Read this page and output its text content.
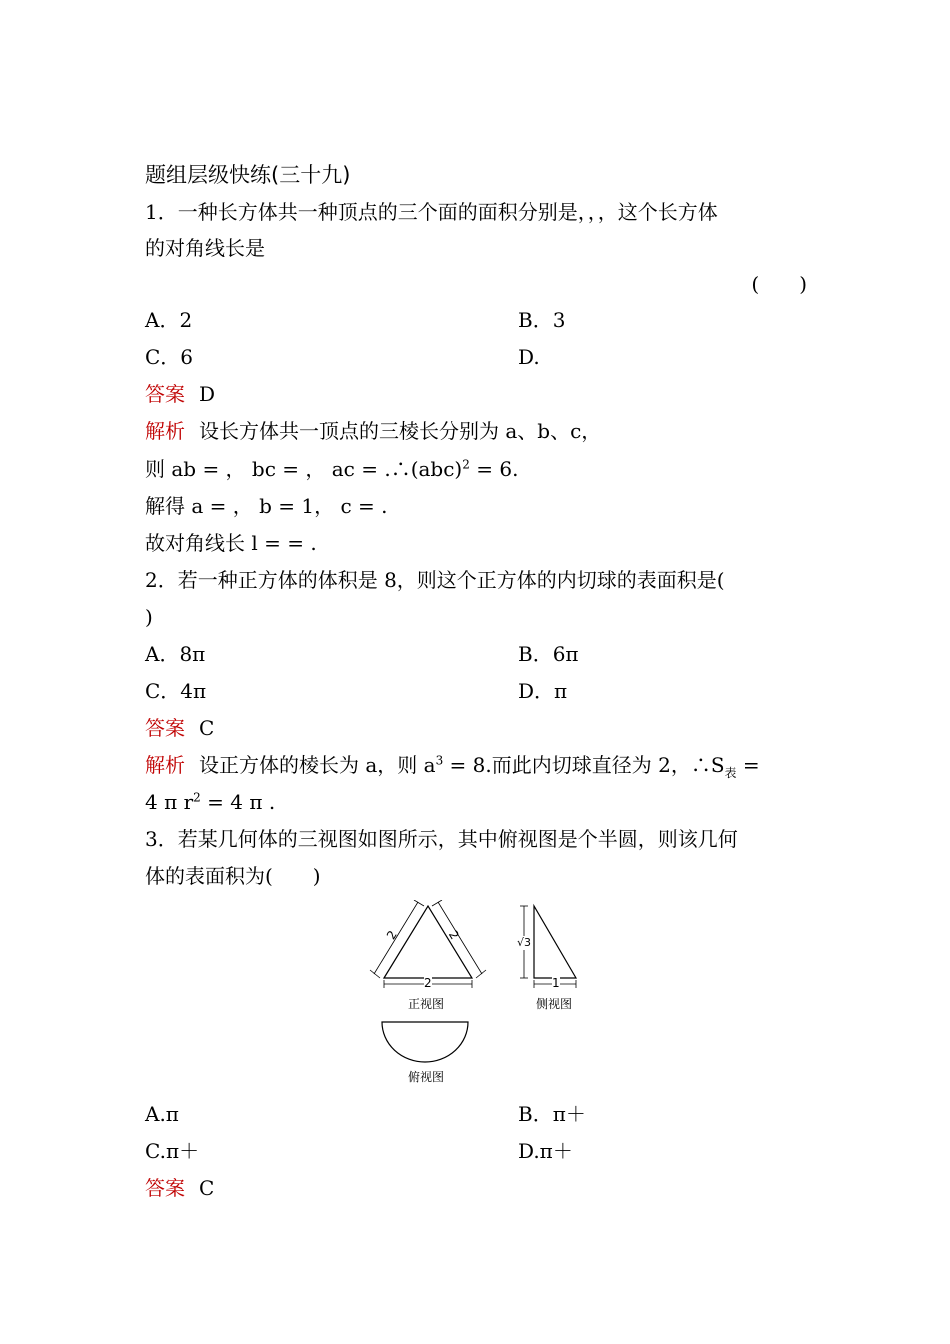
题组层级快练(三十九)
1．一种长方体共一种顶点的三个面的面积分别是，，，这个长方体
的对角线长是
(　　)
A．2	B．3
C．6	D.
答案 D
解析 设长方体共一顶点的三棱长分别为 a、b、c，
则 ab = ， bc = ， ac = .∴(abc)$^2$ = 6.
解得 a = ， b = 1， c = .
故对角线长 l = = .
2．若一种正方体的体积是 8，则这个正方体的内切球的表面积是(
)
A．8π	B．6π
C．4π	D．π
答案 C
解析 设正方体的棱长为 a，则 $a^3 = 8$.而此内切球直径为 2，$\therefore S_表$ =
4 π $r^2 = 4$ π .
3．若某几何体的三视图如图所示，其中俯视图是个半圆，则该几何
体的表面积为(　　)
2	2
2
√3
1
正视图	侧视图
俯视图
A.π	B．π＋
C.π＋	D.π＋
答案 C
